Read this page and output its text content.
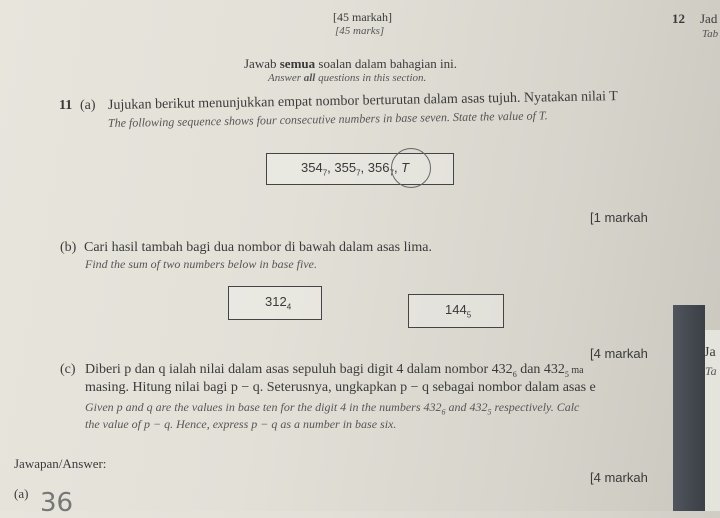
[45 markah]
[45 marks]
12 Jad
Tab
Jawab semua soalan dalam bahagian ini.
Answer all questions in this section.
11 (a) Jujukan berikut menunjukkan empat nombor berturutan dalam asas tujuh. Nyatakan nilai T
The following sequence shows four consecutive numbers in base seven. State the value of T.
$354_7$, $355_7$, $356_7$, T
[1 markah
(b) Cari hasil tambah bagi dua nombor di bawah dalam asas lima.
Find the sum of two numbers below in base five.
$312_4$	$144_5$
[4 markah	Ja
Ta
(c) Diberi p dan q ialah nilai dalam asas sepuluh bagi digit 4 dalam nombor $432_6$ dan $432_5$ ma
masing. Hitung nilai bagi p − q. Seterusnya, ungkapkan p − q sebagai nombor dalam asas e
Given p and q are the values in base ten for the digit 4 in the numbers $432_6$ and $432_5$ respectively. Calc
the value of p − q. Hence, express p − q as a number in base six.
Jawapan/Answer:
[4 markah
(a) 36
